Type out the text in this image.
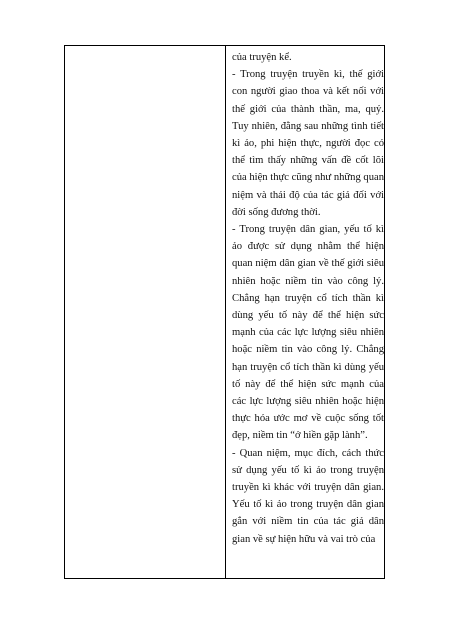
của truyện kể.

- Trong truyện truyền kì, thế giới con người giao thoa và kết nối với thế giới của thành thần, ma, quỷ. Tuy nhiên, đằng sau những tình tiết kì ảo, phi hiện thực, người đọc có thể tìm thấy những vấn đề cốt lõi của hiện thực cũng như những quan niệm và thái độ của tác giả đối với đời sống đương thời.

- Trong truyện dân gian, yếu tố kì ảo được sử dụng nhằm thể hiện quan niệm dân gian về thế giới siêu nhiên hoặc niềm tin vào công lý. Chẳng hạn truyện cổ tích thần kì dùng yếu tố này để thể hiện sức mạnh của các lực lượng siêu nhiên hoặc niềm tin vào công lý. Chẳng hạn truyện cổ tích thần kì dùng yếu tố này để thể hiện sức mạnh của các lực lượng siêu nhiên hoặc hiện thực hóa ước mơ về cuộc sống tốt đẹp, niềm tin “ở hiền gặp lành”.

- Quan niệm, mục đích, cách thức sử dụng yếu tố kì ảo trong truyện truyền kì khác với truyện dân gian. Yếu tố kì ảo trong truyện dân gian gắn với niềm tin của tác giả dân gian về sự hiện hữu và vai trò của
